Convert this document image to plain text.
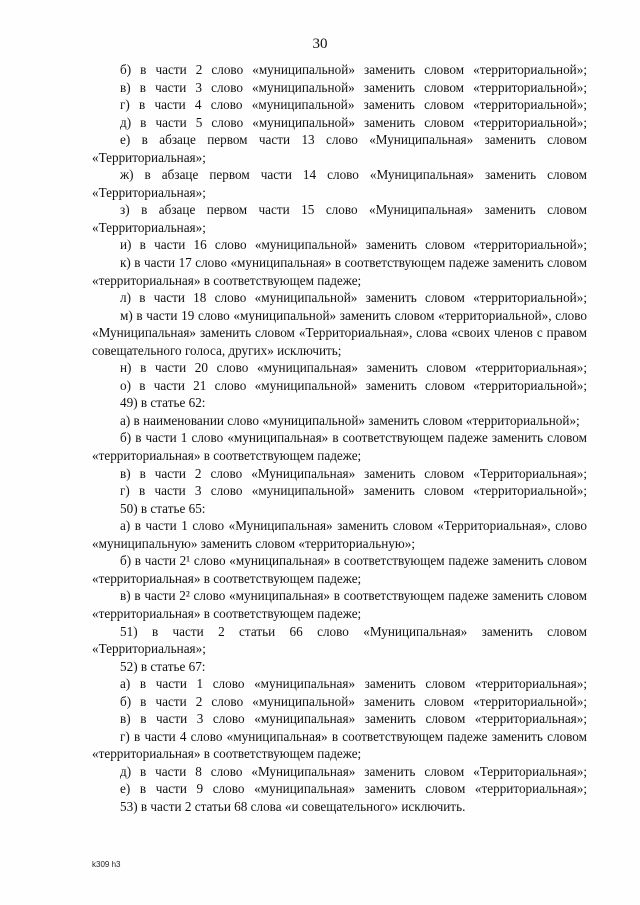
30

б) в части 2 слово «муниципальной» заменить словом «территориальной»;

в) в части 3 слово «муниципальной» заменить словом «территориальной»;

г) в части 4 слово «муниципальной» заменить словом «территориальной»;

д) в части 5 слово «муниципальной» заменить словом «территориальной»;

е) в абзаце первом части 13 слово «Муниципальная» заменить словом «Территориальная»;

ж) в абзаце первом части 14 слово «Муниципальная» заменить словом «Территориальная»;

з) в абзаце первом части 15 слово «Муниципальная» заменить словом «Территориальная»;

и) в части 16 слово «муниципальной» заменить словом «территориальной»;

к) в части 17 слово «муниципальная» в соответствующем падеже заменить словом «территориальная» в соответствующем падеже;

л) в части 18 слово «муниципальной» заменить словом «территориальной»;

м) в части 19 слово «муниципальной» заменить словом «территориальной», слово «Муниципальная» заменить словом «Территориальная», слова «своих членов с правом совещательного голоса, других» исключить;

н) в части 20 слово «муниципальная» заменить словом «территориальная»;

о) в части 21 слово «муниципальной» заменить словом «территориальной»;

49) в статье 62:

а) в наименовании слово «муниципальной» заменить словом «территориальной»;

б) в части 1 слово «муниципальная» в соответствующем падеже заменить словом «территориальная» в соответствующем падеже;

в) в части 2 слово «Муниципальная» заменить словом «Территориальная»;

г) в части 3 слово «муниципальной» заменить словом «территориальной»;

50) в статье 65:

а) в части 1 слово «Муниципальная» заменить словом «Территориальная», слово «муниципальную» заменить словом «территориальную»;

б) в части 2¹ слово «муниципальная» в соответствующем падеже заменить словом «территориальная» в соответствующем падеже;

в) в части 2² слово «муниципальная» в соответствующем падеже заменить словом «территориальная» в соответствующем падеже;

51) в части 2 статьи 66 слово «Муниципальная» заменить словом «Территориальная»;

52) в статье 67:

а) в части 1 слово «муниципальная» заменить словом «территориальная»;

б) в части 2 слово «муниципальной» заменить словом «территориальной»;

в) в части 3 слово «муниципальная» заменить словом «территориальная»;

г) в части 4 слово «муниципальная» в соответствующем падеже заменить словом «территориальная» в соответствующем падеже;

д) в части 8 слово «Муниципальная» заменить словом «Территориальная»;

е) в части 9 слово «муниципальная» заменить словом «территориальная»;

53) в части 2 статьи 68 слова «и совещательного» исключить.

k309 h3
